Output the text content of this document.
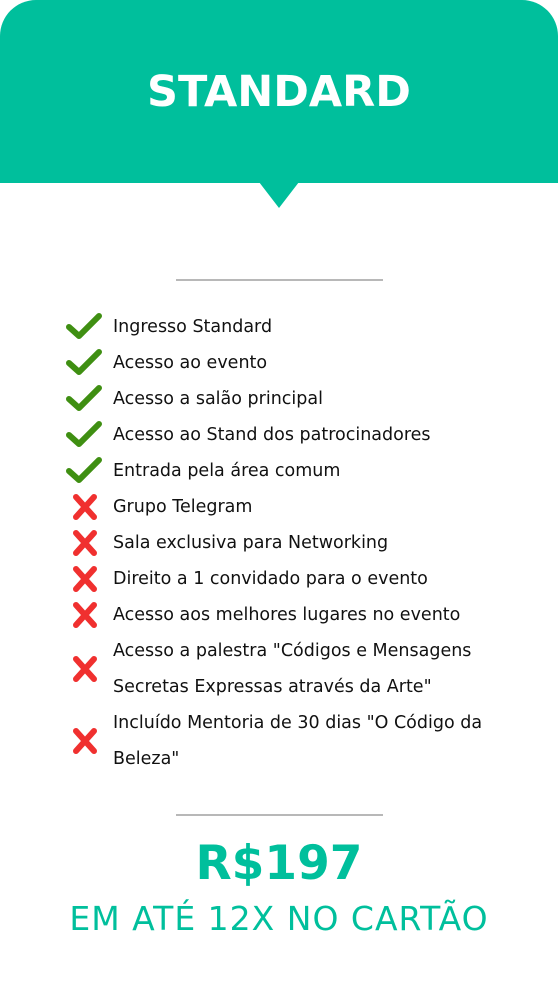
STANDARD
Ingresso Standard
Acesso ao evento
Acesso a salão principal
Acesso ao Stand dos patrocinadores
Entrada pela área comum
Grupo Telegram
Sala exclusiva para Networking
Direito a 1 convidado para o evento
Acesso aos melhores lugares no evento
Acesso a palestra "Códigos e Mensagens Secretas Expressas através da Arte"
Incluído Mentoria de 30 dias "O Código da Beleza"
R$197
EM ATÉ 12X NO CARTÃO
